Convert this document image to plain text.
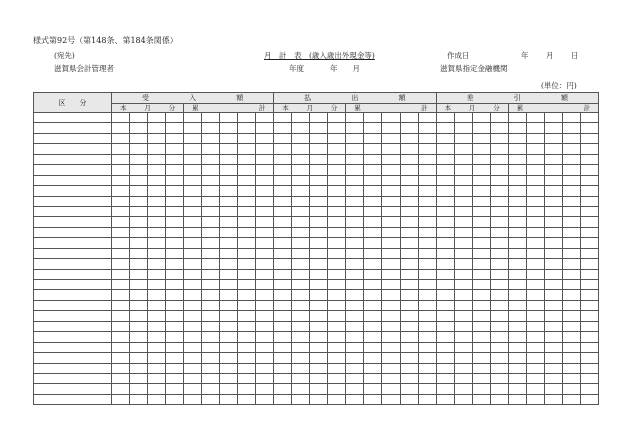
様式第92号（第148条、第184条関係）
(宛先)
滋賀県会計管理者
月　計　表　(歳入歳出外現金等)
年度	年　　月
作成日	年 月 日
滋賀県指定金融機関
(単位：円)
区　　分	受 入 額									払 出 額									差 引 額								

	本 月 分				累 計					本 月 分				累 計					本 月 分				累 計				
